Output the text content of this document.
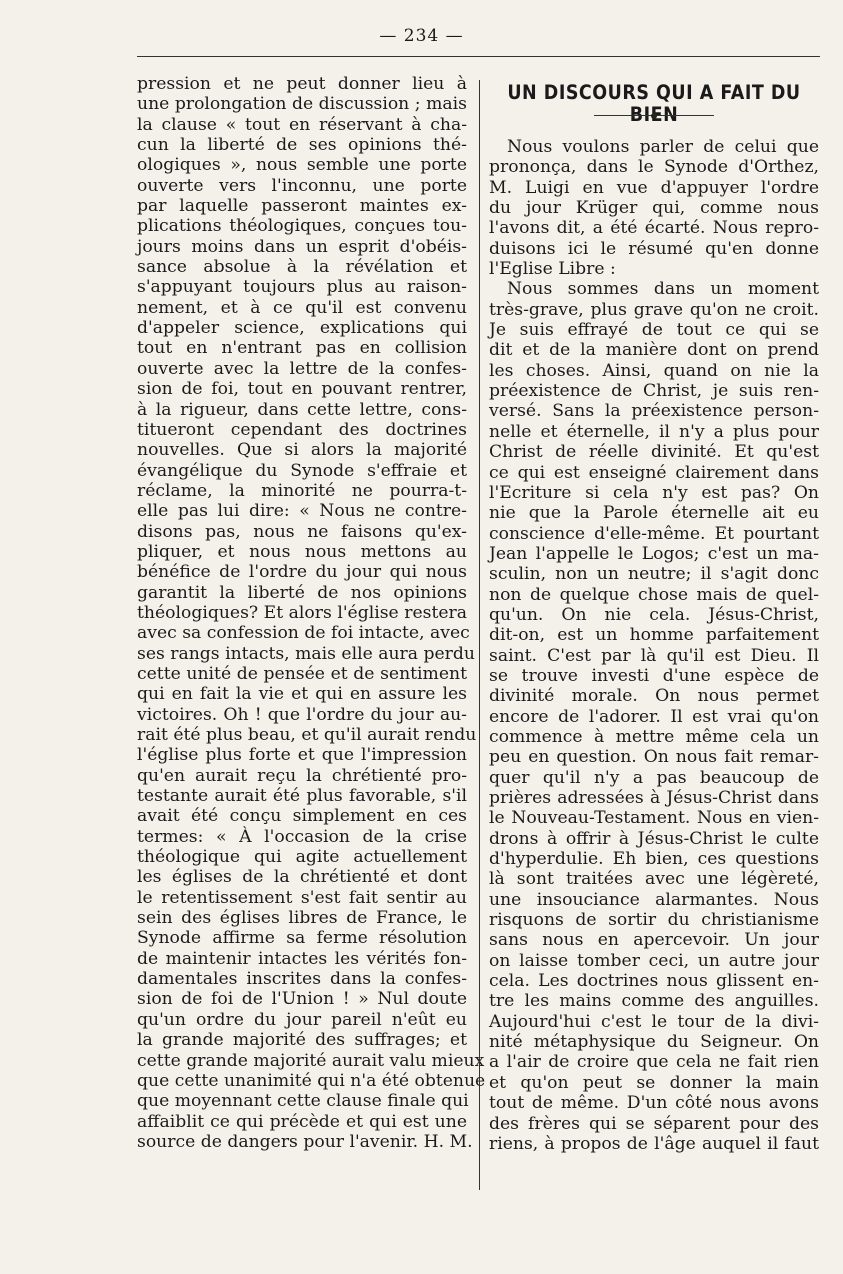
— 234 —
pression et ne peut donner lieu à
une prolongation de discussion ; mais
la clause « tout en réservant à cha-
cun la liberté de ses opinions thé-
ologiques », nous semble une porte
ouverte vers l'inconnu, une porte
par laquelle passeront maintes ex-
plications théologiques, conçues tou-
jours moins dans un esprit d'obéis-
sance absolue à la révélation et
s'appuyant toujours plus au raison-
nement, et à ce qu'il est convenu
d'appeler science, explications qui
tout en n'entrant pas en collision
ouverte avec la lettre de la confes-
sion de foi, tout en pouvant rentrer,
à la rigueur, dans cette lettre, cons-
titueront cependant des doctrines
nouvelles. Que si alors la majorité
évangélique du Synode s'effraie et
réclame, la minorité ne pourra-t-
elle pas lui dire: « Nous ne contre-
disons pas, nous ne faisons qu'ex-
pliquer, et nous nous mettons au
bénéfice de l'ordre du jour qui nous
garantit la liberté de nos opinions
théologiques? Et alors l'église restera
avec sa confession de foi intacte, avec
ses rangs intacts, mais elle aura perdu
cette unité de pensée et de sentiment
qui en fait la vie et qui en assure les
victoires. Oh ! que l'ordre du jour au-
rait été plus beau, et qu'il aurait rendu
l'église plus forte et que l'impression
qu'en aurait reçu la chrétienté pro-
testante aurait été plus favorable, s'il
avait été conçu simplement en ces
termes: « À l'occasion de la crise
théologique qui agite actuellement
les églises de la chrétienté et dont
le retentissement s'est fait sentir au
sein des églises libres de France, le
Synode affirme sa ferme résolution
de maintenir intactes les vérités fon-
damentales inscrites dans la confes-
sion de foi de l'Union ! » Nul doute
qu'un ordre du jour pareil n'eût eu
la grande majorité des suffrages; et
cette grande majorité aurait valu mieux
que cette unanimité qui n'a été obtenue
que moyennant cette clause finale qui
affaiblit ce qui précède et qui est une
source de dangers pour l'avenir. H. M.
UN DISCOURS QUI A FAIT DU
Nous voulons parler de celui que
prononça, dans le Synode d'Orthez,
M. Luigi en vue d'appuyer l'ordre
du jour Krüger qui, comme nous
l'avons dit, a été écarté. Nous repro-
duisons ici le résumé qu'en donne
l'Eglise Libre :
Nous sommes dans un moment
très-grave, plus grave qu'on ne croit.
Je suis effrayé de tout ce qui se
dit et de la manière dont on prend
les choses. Ainsi, quand on nie la
préexistence de Christ, je suis ren-
versé. Sans la préexistence person-
nelle et éternelle, il n'y a plus pour
Christ de réelle divinité. Et qu'est
ce qui est enseigné clairement dans
l'Ecriture si cela n'y est pas? On
nie que la Parole éternelle ait eu
conscience d'elle-même. Et pourtant
Jean l'appelle le Logos; c'est un ma-
sculin, non un neutre; il s'agit donc
non de quelque chose mais de quel-
qu'un. On nie cela. Jésus-Christ,
dit-on, est un homme parfaitement
saint. C'est par là qu'il est Dieu. Il
se trouve investi d'une espèce de
divinité morale. On nous permet
encore de l'adorer. Il est vrai qu'on
commence à mettre même cela un
peu en question. On nous fait remar-
quer qu'il n'y a pas beaucoup de
prières adressées à Jésus-Christ dans
le Nouveau-Testament. Nous en vien-
drons à offrir à Jésus-Christ le culte
d'hyperdulie. Eh bien, ces questions
là sont traitées avec une légèreté,
une insouciance alarmantes. Nous
risquons de sortir du christianisme
sans nous en apercevoir. Un jour
on laisse tomber ceci, un autre jour
cela. Les doctrines nous glissent en-
tre les mains comme des anguilles.
Aujourd'hui c'est le tour de la divi-
nité métaphysique du Seigneur. On
a l'air de croire que cela ne fait rien
et qu'on peut se donner la main
tout de même. D'un côté nous avons
des frères qui se séparent pour des
riens, à propos de l'âge auquel il faut
